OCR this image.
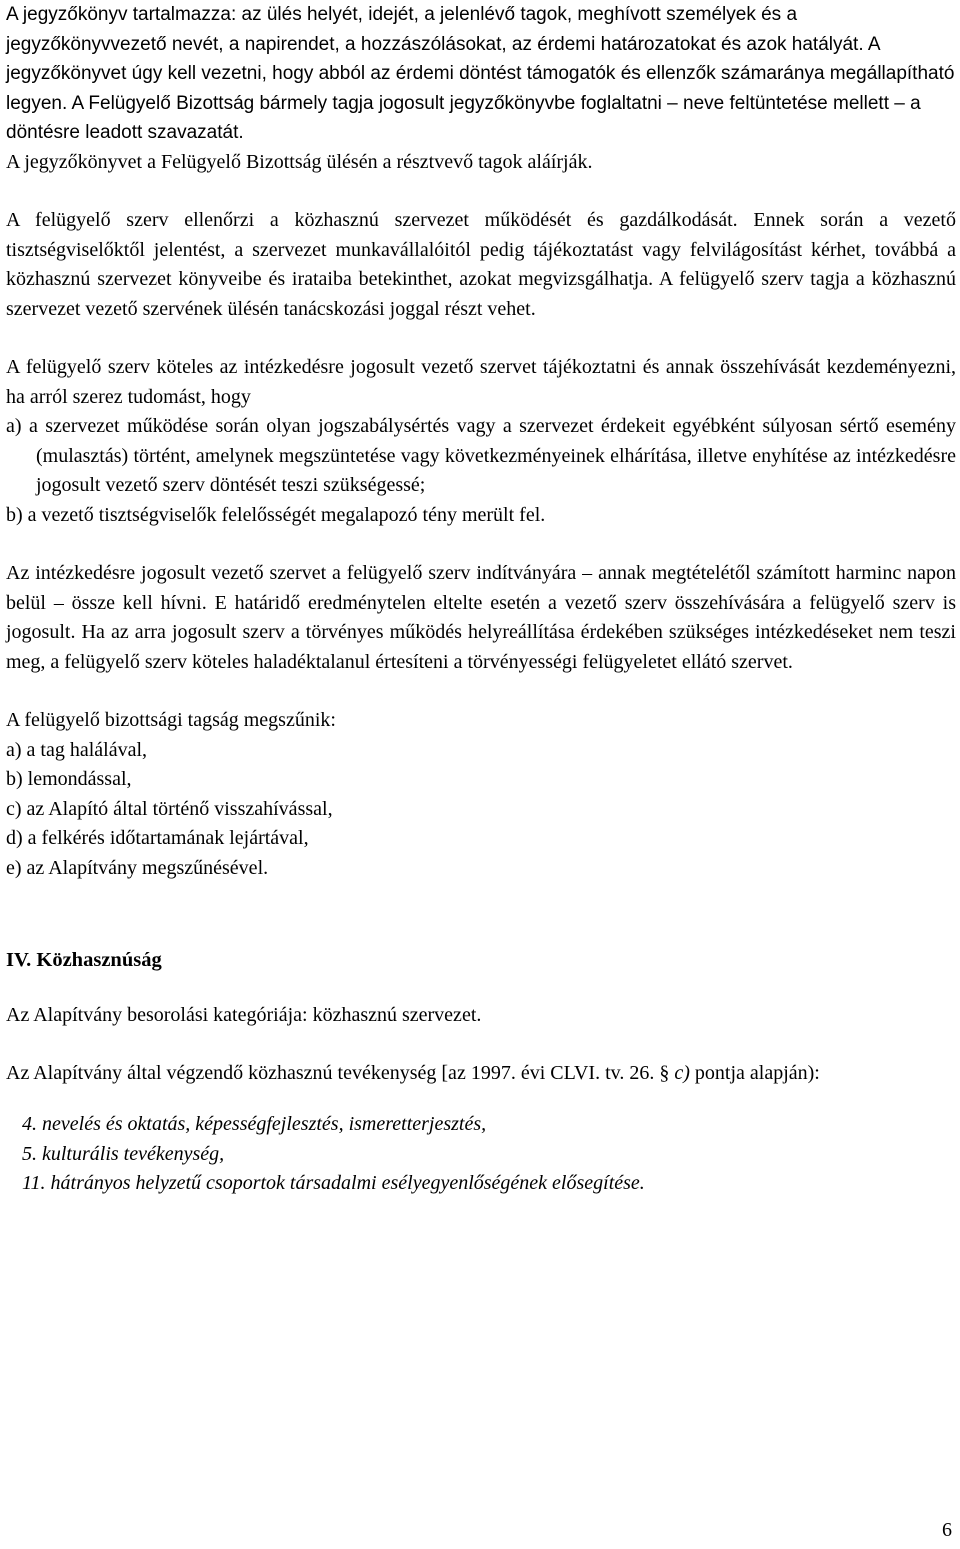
A jegyzőkönyv tartalmazza: az ülés helyét, idejét, a jelenlévő tagok, meghívott személyek és a jegyzőkönyvvezető nevét, a napirendet, a hozzászólásokat, az érdemi határozatokat és azok hatályát. A jegyzőkönyvet úgy kell vezetni, hogy abból az érdemi döntést támogatók és ellenzők számaránya megállapítható legyen. A Felügyelő Bizottság bármely tagja jogosult jegyzőkönyvbe foglaltatni – neve feltüntetése mellett – a döntésre leadott szavazatát.

A jegyzőkönyvet a Felügyelő Bizottság ülésén a résztvevő tagok aláírják.

A felügyelő szerv ellenőrzi a közhasznú szervezet működését és gazdálkodását. Ennek során a vezető tisztségviselőktől jelentést, a szervezet munkavállalóitól pedig tájékoztatást vagy felvilágosítást kérhet, továbbá a közhasznú szervezet könyveibe és irataiba betekinthet, azokat megvizsgálhatja. A felügyelő szerv tagja a közhasznú szervezet vezető szervének ülésén tanácskozási joggal részt vehet.

A felügyelő szerv köteles az intézkedésre jogosult vezető szervet tájékoztatni és annak összehívását kezdeményezni, ha arról szerez tudomást, hogy

a) a szervezet működése során olyan jogszabálysértés vagy a szervezet érdekeit egyébként súlyosan sértő esemény (mulasztás) történt, amelynek megszüntetése vagy következményeinek elhárítása, illetve enyhítése az intézkedésre jogosult vezető szerv döntését teszi szükségessé;

b) a vezető tisztségviselők felelősségét megalapozó tény merült fel.

Az intézkedésre jogosult vezető szervet a felügyelő szerv indítványára – annak megtételétől számított harminc napon belül – össze kell hívni. E határidő eredménytelen eltelte esetén a vezető szerv összehívására a felügyelő szerv is jogosult. Ha az arra jogosult szerv a törvényes működés helyreállítása érdekében szükséges intézkedéseket nem teszi meg, a felügyelő szerv köteles haladéktalanul értesíteni a törvényességi felügyeletet ellátó szervet.

A felügyelő bizottsági tagság megszűnik:

a) a tag halálával,

b) lemondással,

c) az Alapító által történő visszahívással,

d) a felkérés időtartamának lejártával,

e) az Alapítvány megszűnésével.

IV. Közhasznúság

Az Alapítvány besorolási kategóriája: közhasznú szervezet.

Az Alapítvány által végzendő közhasznú tevékenység [az 1997. évi CLVI. tv. 26. § c) pontja alapján):

4. nevelés és oktatás, képességfejlesztés, ismeretterjesztés,

5. kulturális tevékenység,

11. hátrányos helyzetű csoportok társadalmi esélyegyenlőségének elősegítése.

6
